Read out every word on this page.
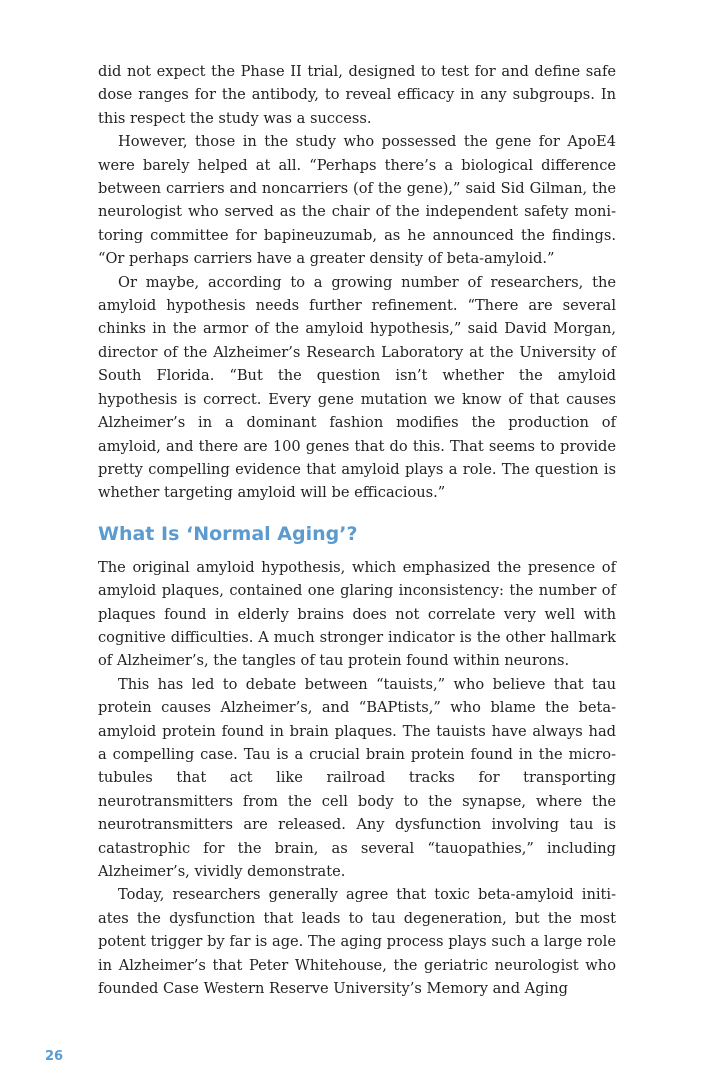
did not expect the Phase II trial, designed to test for and define safe dose ranges for the antibody, to reveal efficacy in any subgroups. In this respect the study was a success.

However, those in the study who possessed the gene for ApoE4 were barely helped at all. “Perhaps there’s a biological difference between carriers and noncarriers (of the gene),” said Sid Gilman, the neurologist who served as the chair of the independent safety monitoring committee for bapineuzumab, as he announced the findings. “Or perhaps carriers have a greater density of beta-amyloid.”

Or maybe, according to a growing number of researchers, the amyloid hypothesis needs further refinement. “There are several chinks in the armor of the amyloid hypothesis,” said David Morgan, director of the Alzheimer’s Research Laboratory at the University of South Florida. “But the question isn’t whether the amyloid hypothesis is correct. Every gene mutation we know of that causes Alzheimer’s in a dominant fashion modifies the production of amyloid, and there are 100 genes that do this. That seems to provide pretty compelling evidence that amyloid plays a role. The question is whether targeting amyloid will be efficacious.”

What Is ‘Normal Aging’?

The original amyloid hypothesis, which emphasized the presence of amyloid plaques, contained one glaring inconsistency: the number of plaques found in elderly brains does not correlate very well with cognitive difficulties. A much stronger indicator is the other hallmark of Alzheimer’s, the tangles of tau protein found within neurons.

This has led to debate between “tauists,” who believe that tau protein causes Alzheimer’s, and “BAPtists,” who blame the beta-amyloid protein found in brain plaques. The tauists have always had a compelling case. Tau is a crucial brain protein found in the microtubules that act like railroad tracks for transporting neurotransmitters from the cell body to the synapse, where the neurotransmitters are released. Any dysfunction involving tau is catastrophic for the brain, as several “tauopathies,” including Alzheimer’s, vividly demonstrate.

Today, researchers generally agree that toxic beta-amyloid initiates the dysfunction that leads to tau degeneration, but the most potent trigger by far is age. The aging process plays such a large role in Alzheimer’s that Peter Whitehouse, the geriatric neurologist who founded Case Western Reserve University’s Memory and Aging

26
